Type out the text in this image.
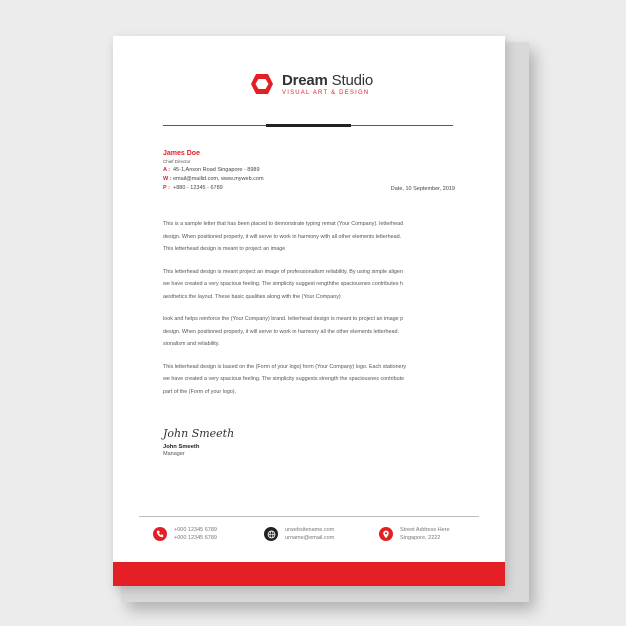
Dream Studio
VISUAL ART & DESIGN
James Doe
Chief Director
A : 45-1,Anson Road Singapore - 8989
W :email@mailid.com, www.myweb.com
P : +880 - 12345 - 6789	Date, 10 September, 2019
This is a sample letter that has been placed to demonstrate typing remat (Your Company). letterhead
design. When positioned properly, it will serve to work in harmony with all other elements letterhead.
This letterhead design is meant to project an image
This letterhead design is meant project an image of professionalism reliability. By using simple aligen
we have created a very spacious feeling. The simplicity suggest rengththe spaciousnes contributes h
aesthetics the layout. These basic qualities along with the (Your Company)
look and helps reinforce the (Your Company) brand. letterhead design is meant to project an image p
design. When positioned properly, it will serve to work in harmony all the other elements letterhead.
sionalism and reliability.
This letterhead design is based on the (Form of your logo) form (Your Company) logo. Each stationery
we have created a very spacious feeling. The simplicity suggests strength the spaciousnes contribute
part of the (Form of your logo).
John Smeeth
John Smeeth
Manager
+000 12345 6789
+000 12345 6789
urwebsitename.com
urname@email.com
Street Address Here
Singapore, 2222
